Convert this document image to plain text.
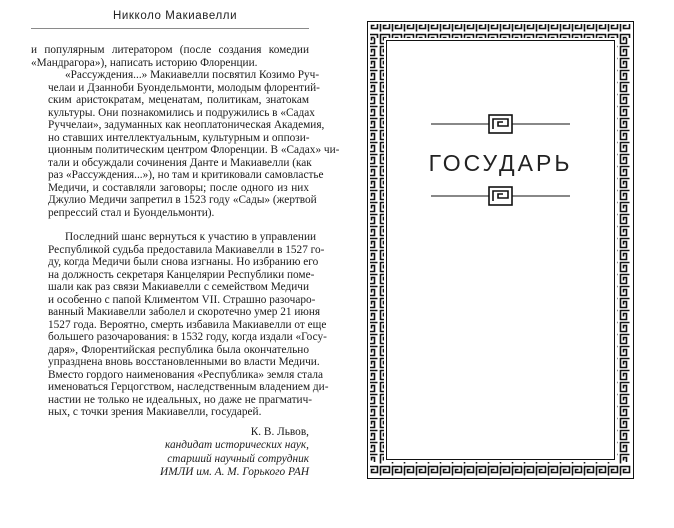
Никколо Макиавелли
и популярным литератором (после создания комедии
«Мандрагора»), написать историю Флоренции.
«Рассуждения...» Макиавелли посвятил Козимо Руч-
челаи и Дзанноби Буондельмонти, молодым флорентий-
ским аристократам, меценатам, политикам, знатокам
культуры. Они познакомились и подружились в «Садах
Руччелаи», задуманных как неоплатоническая Академия,
но ставших интеллектуальным, культурным и оппози-
ционным политическим центром Флоренции. В «Садах» чи-
тали и обсуждали сочинения Данте и Макиавелли (как
раз «Рассуждения...»), но там и критиковали самовластье
Медичи, и составляли заговоры; после одного из них
Джулио Медичи запретил в 1523 году «Сады» (жертвой
репрессий стал и Буондельмонти).
Последний шанс вернуться к участию в управлении
Республикой судьба предоставила Макиавелли в 1527 го-
ду, когда Медичи были снова изгнаны. Но избранию его
на должность секретаря Канцелярии Республики поме-
шали как раз связи Макиавелли с семейством Медичи
и особенно с папой Климентом VII. Страшно разочаро-
ванный Макиавелли заболел и скоротечно умер 21 июня
1527 года. Вероятно, смерть избавила Макиавелли от еще
большего разочарования: в 1532 году, когда издали «Госу-
даря», Флорентийская республика была окончательно
упразднена вновь восстановленными во власти Медичи.
Вместо гордого наименования «Республика» земля стала
именоваться Герцогством, наследственным владением ди-
настии не только не идеальных, но даже не прагматич-
ных, с точки зрения Макиавелли, государей.
К. В. Львов,
кандидат исторических наук,
старший научный сотрудник
ИМЛИ им. А. М. Горького РАН
ГОСУДАРЬ
